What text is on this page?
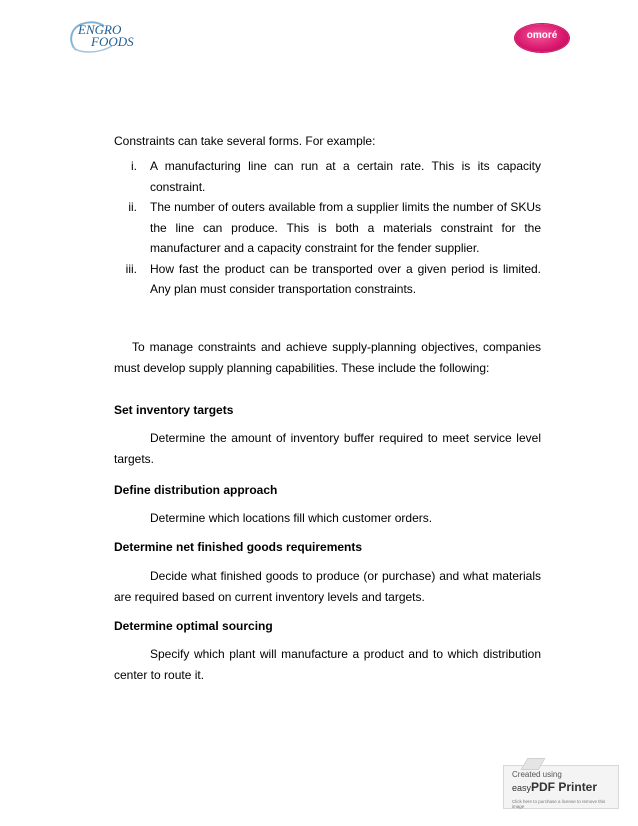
ENGRO
FOODS	omoré
Constraints can take several forms. For example:
i. A manufacturing line can run at a certain rate. This is its capacity constraint.
ii. The number of outers available from a supplier limits the number of SKUs the line can produce. This is both a materials constraint for the manufacturer and a capacity constraint for the fender supplier.
iii. How fast the product can be transported over a given period is limited. Any plan must consider transportation constraints.
To manage constraints and achieve supply-planning objectives, companies must develop supply planning capabilities. These include the following:
Set inventory targets
Determine the amount of inventory buffer required to meet service level targets.
Define distribution approach
Determine which locations fill which customer orders.
Determine net finished goods requirements
Decide what finished goods to produce (or purchase) and what materials are required based on current inventory levels and targets.
Determine optimal sourcing
Specify which plant will manufacture a product and to which distribution center to route it.
Created using
easyPDF Printer
Click here to purchase a license to remove this image
